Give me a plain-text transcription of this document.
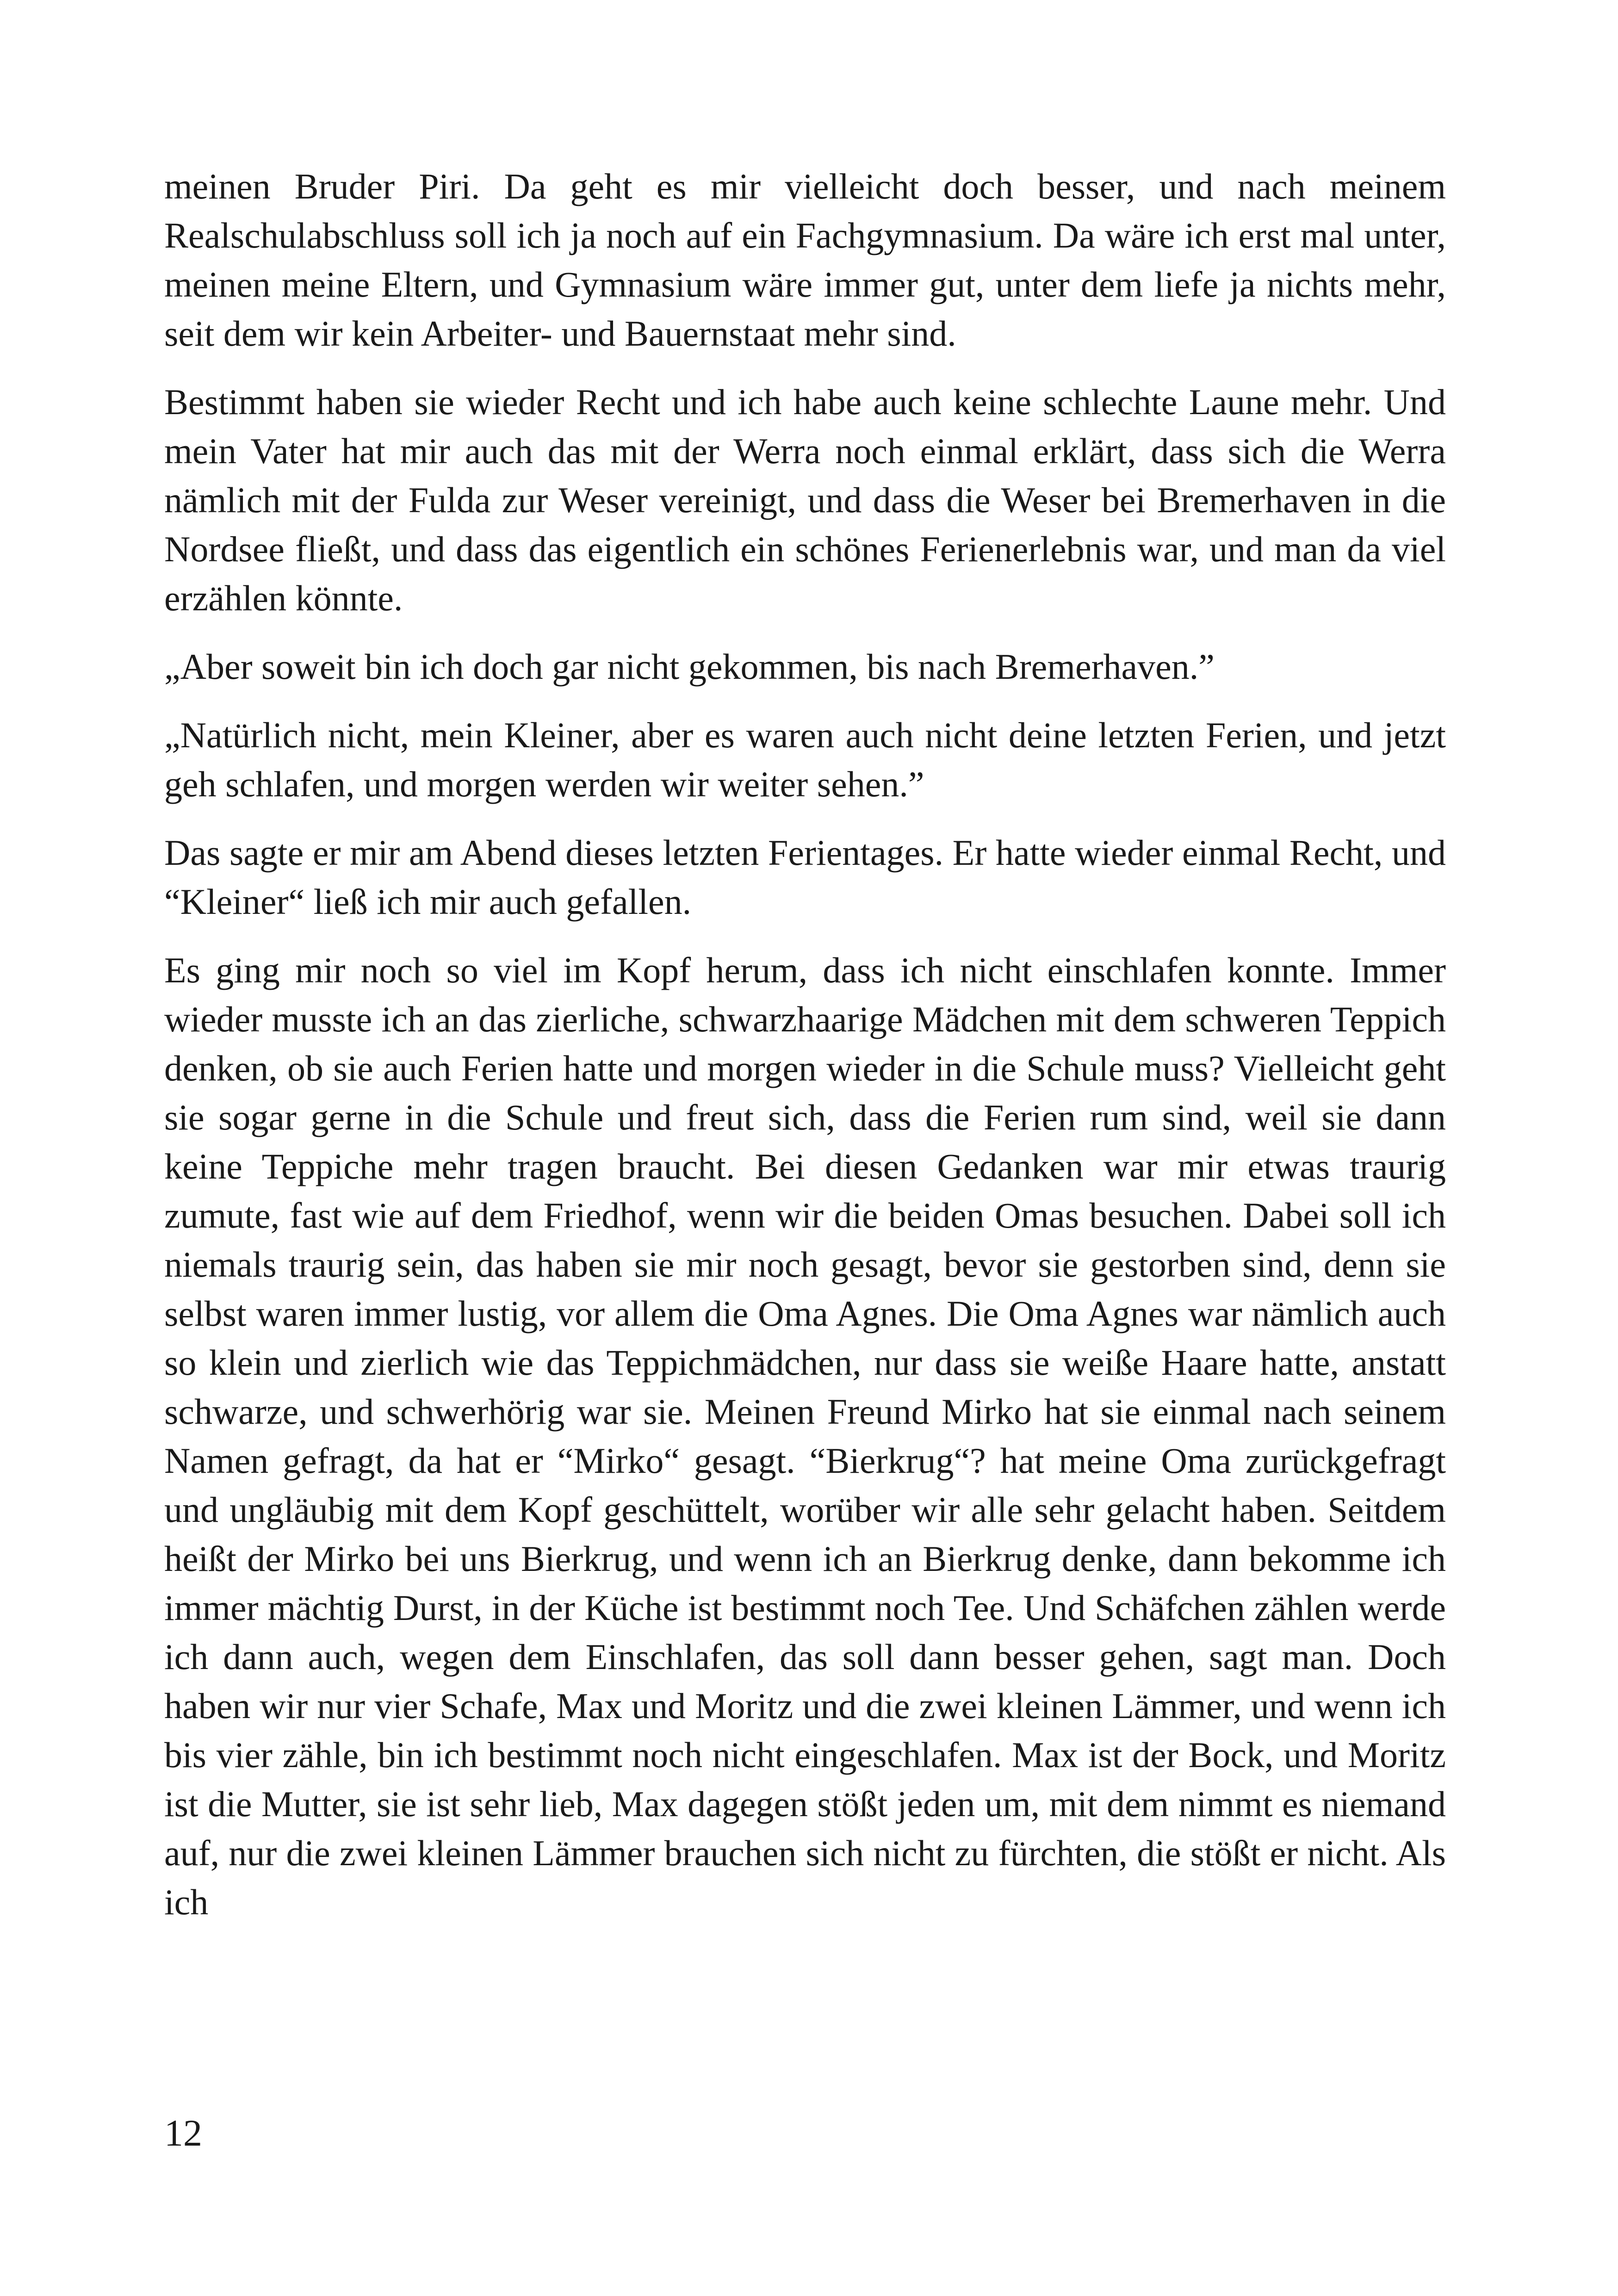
meinen Bruder Piri. Da geht es mir vielleicht doch besser, und nach meinem Realschulabschluss soll ich ja noch auf ein Fachgymnasium. Da wäre ich erst mal unter, meinen meine Eltern, und Gymnasium wäre immer gut, unter dem liefe ja nichts mehr, seit dem wir kein Arbeiter- und Bauernstaat mehr sind.

Bestimmt haben sie wieder Recht und ich habe auch keine schlechte Laune mehr. Und mein Vater hat mir auch das mit der Werra noch einmal erklärt, dass sich die Werra nämlich mit der Fulda zur Weser vereinigt, und dass die Weser bei Bremerhaven in die Nordsee fließt, und dass das eigentlich ein schönes Ferienerlebnis war, und man da viel erzählen könnte.

„Aber soweit bin ich doch gar nicht gekommen, bis nach Bremerhaven.”

„Natürlich nicht, mein Kleiner, aber es waren auch nicht deine letzten Ferien, und jetzt geh schlafen, und morgen werden wir weiter sehen.”

Das sagte er mir am Abend dieses letzten Ferientages. Er hatte wieder einmal Recht, und “Kleiner“ ließ ich mir auch gefallen.

Es ging mir noch so viel im Kopf herum, dass ich nicht einschlafen konnte. Immer wieder musste ich an das zierliche, schwarzhaarige Mädchen mit dem schweren Teppich denken, ob sie auch Ferien hatte und morgen wieder in die Schule muss? Vielleicht geht sie sogar gerne in die Schule und freut sich, dass die Ferien rum sind, weil sie dann keine Teppiche mehr tragen braucht. Bei diesen Gedanken war mir etwas traurig zumute, fast wie auf dem Friedhof, wenn wir die beiden Omas besuchen. Dabei soll ich niemals traurig sein, das haben sie mir noch gesagt, bevor sie gestorben sind, denn sie selbst waren immer lustig, vor allem die Oma Agnes. Die Oma Agnes war nämlich auch so klein und zierlich wie das Teppichmädchen, nur dass sie weiße Haare hatte, anstatt schwarze, und schwerhörig war sie. Meinen Freund Mirko hat sie einmal nach seinem Namen gefragt, da hat er “Mirko“ gesagt. “Bierkrug“? hat meine Oma zurückgefragt und ungläubig mit dem Kopf geschüttelt, worüber wir alle sehr gelacht haben. Seitdem heißt der Mirko bei uns Bierkrug, und wenn ich an Bierkrug denke, dann bekomme ich immer mächtig Durst, in der Küche ist bestimmt noch Tee. Und Schäfchen zählen werde ich dann auch, wegen dem Einschlafen, das soll dann besser gehen, sagt man. Doch haben wir nur vier Schafe, Max und Moritz und die zwei kleinen Lämmer, und wenn ich bis vier zähle, bin ich bestimmt noch nicht eingeschlafen. Max ist der Bock, und Moritz ist die Mutter, sie ist sehr lieb, Max dagegen stößt jeden um, mit dem nimmt es niemand auf, nur die zwei kleinen Lämmer brauchen sich nicht zu fürchten, die stößt er nicht. Als ich

12
